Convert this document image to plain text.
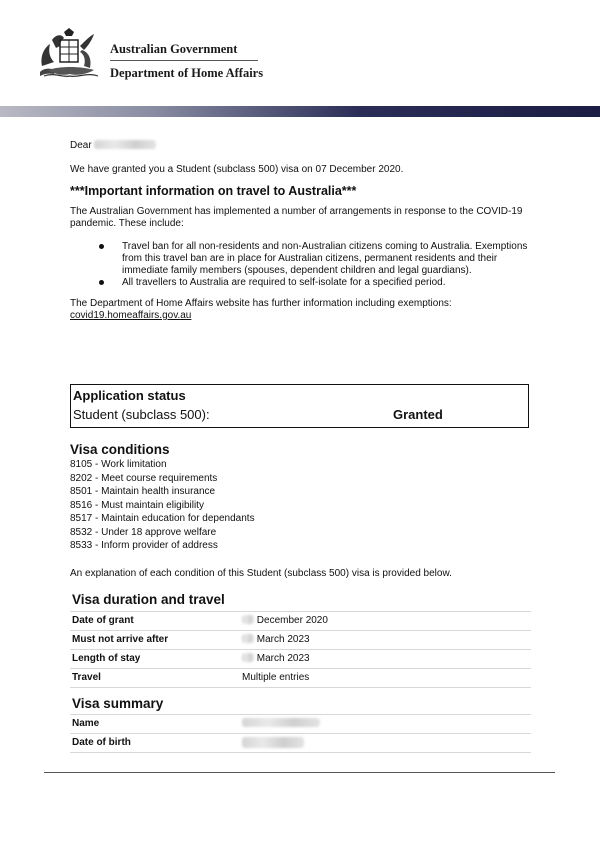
Australian Government
Department of Home Affairs

Dear

We have granted you a Student (subclass 500) visa on 07 December 2020.

***Important information on travel to Australia***

The Australian Government has implemented a number of arrangements in response to the COVID-19 pandemic. These include:

Travel ban for all non-residents and non-Australian citizens coming to Australia. Exemptions from this travel ban are in place for Australian citizens, permanent residents and their immediate family members (spouses, dependent children and legal guardians).
All travellers to Australia are required to self-isolate for a specified period.

The Department of Home Affairs website has further information including exemptions:

covid19.homeaffairs.gov.au

Application status
Student (subclass 500):	Granted
Visa conditions
8105 - Work limitation
8202 - Meet course requirements
8501 - Maintain health insurance
8516 - Must maintain eligibility
8517 - Maintain education for dependants
8532 - Under 18 approve welfare
8533 - Inform provider of address
An explanation of each condition of this Student (subclass 500) visa is provided below.
Visa duration and travel
Date of grant	December 2020
Must not arrive after	March 2023
Length of stay	March 2023
Travel	Multiple entries
Visa summary
Name
Date of birth
